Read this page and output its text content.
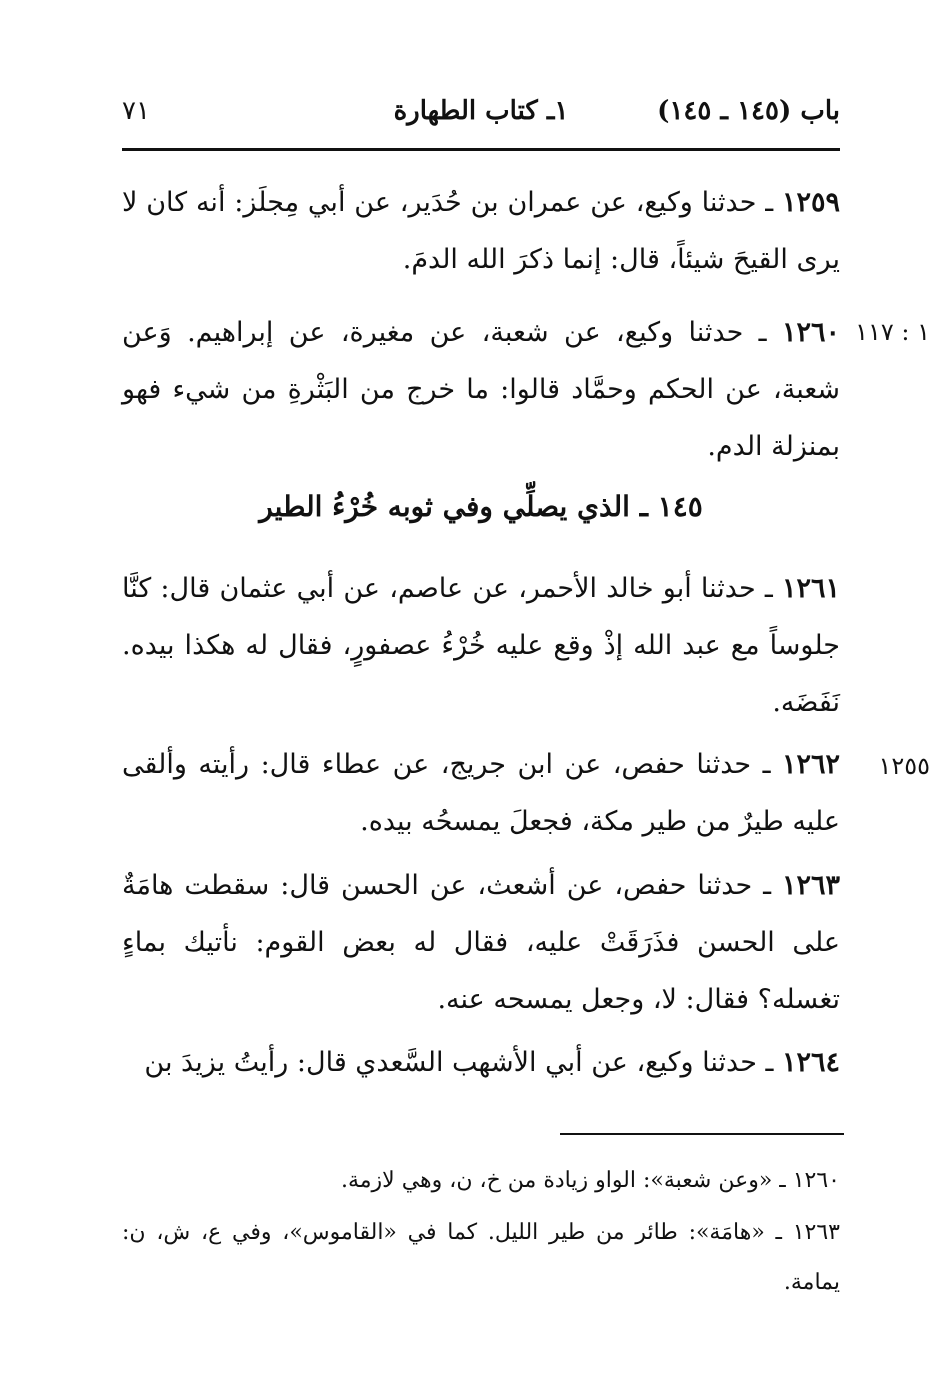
باب (١٤٥ ـ ١٤٥)
١ـ كتاب الطهارة
٧١
١٢٥٩ ـ حدثنا وكيع، عن عمران بن حُدَير، عن أبي مِجلَز: أنه كان لا يرى القيحَ شيئاً، قال: إنما ذكرَ الله الدمَ.
١ : ١١٧
١٢٦٠ ـ حدثنا وكيع، عن شعبة، عن مغيرة، عن إبراهيم. وَعن شعبة، عن الحكم وحمَّاد قالوا: ما خرج من البَثْرةِ من شيء فهو بمنزلة الدم.
١٤٥ ـ الذي يصلِّي وفي ثوبه خُرْءُ الطير
١٢٦١ ـ حدثنا أبو خالد الأحمر، عن عاصم، عن أبي عثمان قال: كنَّا جلوساً مع عبد الله إذْ وقع عليه خُرْءُ عصفورٍ، فقال له هكذا بيده. نَفَضَه.
١٢٥٥
١٢٦٢ ـ حدثنا حفص، عن ابن جريج، عن عطاء قال: رأيته وألقى عليه طيرٌ من طير مكة، فجعلَ يمسحُه بيده.
١٢٦٣ ـ حدثنا حفص، عن أشعث، عن الحسن قال: سقطت هامَةٌ على الحسن فذَرَقَتْ عليه، فقال له بعض القوم: نأتيك بماءٍ تغسله؟ فقال: لا، وجعل يمسحه عنه.
١٢٦٤ ـ حدثنا وكيع، عن أبي الأشهب السَّعدي قال: رأيتُ يزيدَ بن
١٢٦٠ ـ «وعن شعبة»: الواو زيادة من خ، ن، وهي لازمة.
١٢٦٣ ـ «هامَة»: طائر من طير الليل. كما في «القاموس»، وفي ع، ش، ن: يمامة.
